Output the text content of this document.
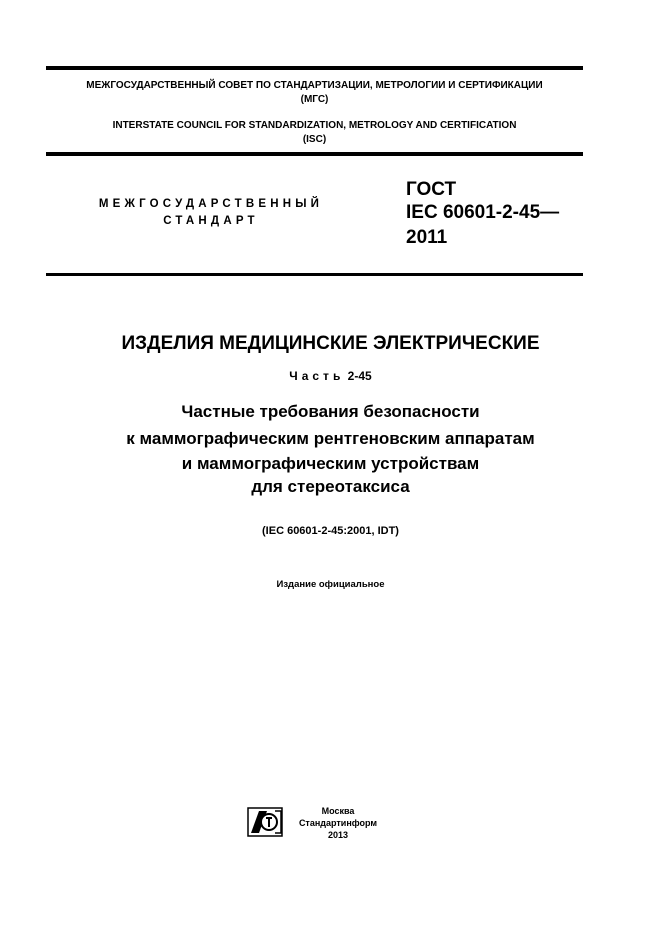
МЕЖГОСУДАРСТВЕННЫЙ СОВЕТ ПО СТАНДАРТИЗАЦИИ, МЕТРОЛОГИИ И СЕРТИФИКАЦИИ
(МГС)
INTERSTATE COUNCIL FOR STANDARDIZATION, METROLOGY AND CERTIFICATION
(ISC)
МЕЖГОСУДАРСТВЕННЫЙ
СТАНДАРТ
ГОСТ
IEC 60601-2-45—
2011
ИЗДЕЛИЯ МЕДИЦИНСКИЕ ЭЛЕКТРИЧЕСКИЕ
Часть 2-45
Частные требования безопасности
к маммографическим рентгеновским аппаратам
и маммографическим устройствам
для стереотаксиса
(IEC 60601-2-45:2001, IDT)
Издание официальное
Москва
Стандартинформ
2013
